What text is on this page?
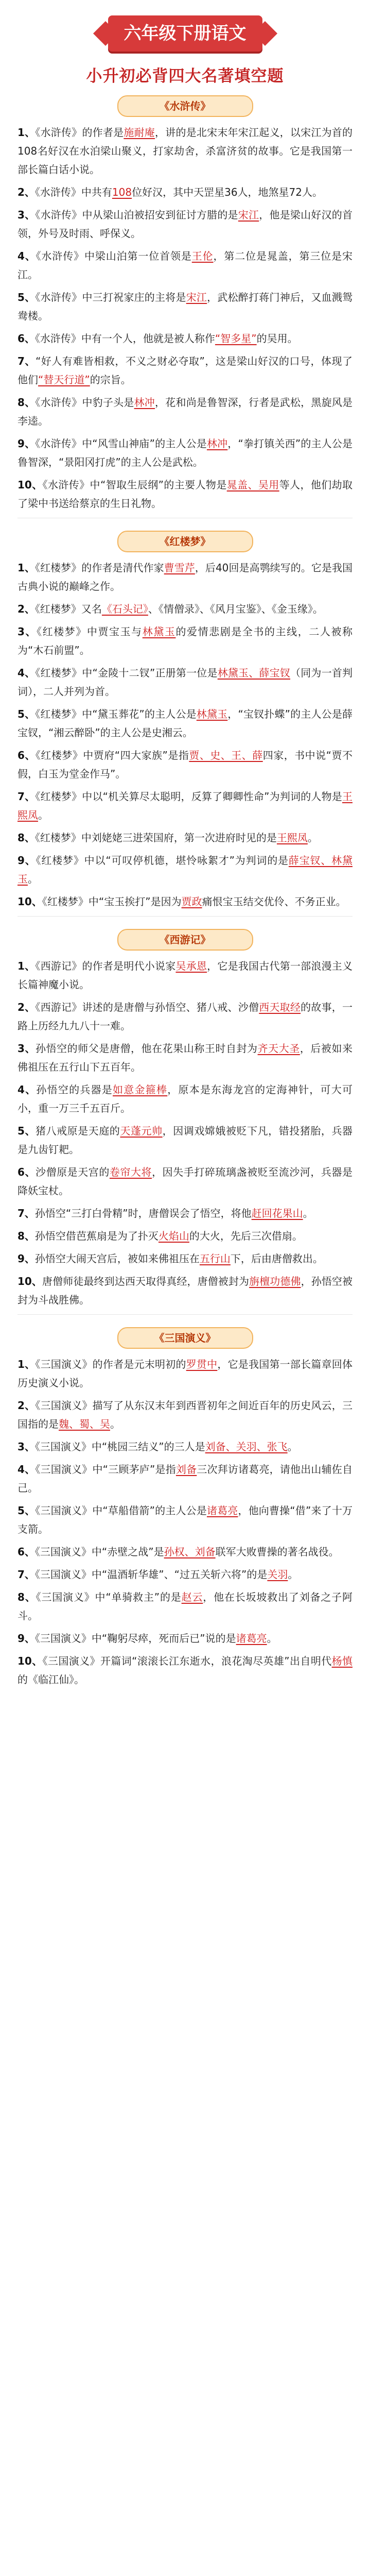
六年级下册语文
小升初必背四大名著填空题
《水浒传》
1、《水浒传》的作者是施耐庵，讲的是北宋末年宋江起义，以宋江为首的108名好汉在水泊梁山聚义，打家劫舍，杀富济贫的故事。它是我国第一部长篇白话小说。
2、《水浒传》中共有108位好汉，其中天罡星36人，地煞星72人。
3、《水浒传》中从梁山泊被招安到征讨方腊的是宋江，他是梁山好汉的首领，外号及时雨、呼保义。
4、《水浒传》中梁山泊第一位首领是王伦，第二位是晁盖，第三位是宋江。
5、《水浒传》中三打祝家庄的主将是宋江，武松醉打蒋门神后，又血溅鸳鸯楼。
6、《水浒传》中有一个人，他就是被人称作“智多星”的吴用。
7、“好人有难皆相救，不义之财必夺取”，这是梁山好汉的口号，体现了他们“替天行道”的宗旨。
8、《水浒传》中豹子头是林冲，花和尚是鲁智深，行者是武松，黑旋风是李逵。
9、《水浒传》中“风雪山神庙”的主人公是林冲，“拳打镇关西”的主人公是鲁智深，“景阳冈打虎”的主人公是武松。
10、《水浒传》中“智取生辰纲”的主要人物是晁盖、吴用等人，他们劫取了梁中书送给蔡京的生日礼物。
《红楼梦》
1、《红楼梦》的作者是清代作家曹雪芹，后40回是高鹗续写的。它是我国古典小说的巅峰之作。
2、《红楼梦》又名《石头记》、《情僧录》、《风月宝鉴》、《金玉缘》。
3、《红楼梦》中贾宝玉与林黛玉的爱情悲剧是全书的主线，二人被称为“木石前盟”。
4、《红楼梦》中“金陵十二钗”正册第一位是林黛玉、薛宝钗（同为一首判词），二人并列为首。
5、《红楼梦》中“黛玉葬花”的主人公是林黛玉，“宝钗扑蝶”的主人公是薛宝钗，“湘云醉卧”的主人公是史湘云。
6、《红楼梦》中贾府“四大家族”是指贾、史、王、薛四家，书中说“贾不假，白玉为堂金作马”。
7、《红楼梦》中以“机关算尽太聪明，反算了卿卿性命”为判词的人物是王熙凤。
8、《红楼梦》中刘姥姥三进荣国府，第一次进府时见的是王熙凤。
9、《红楼梦》中以“可叹停机德，堪怜咏絮才”为判词的是薛宝钗、林黛玉。
10、《红楼梦》中“宝玉挨打”是因为贾政痛恨宝玉结交优伶、不务正业。
《西游记》
1、《西游记》的作者是明代小说家吴承恩，它是我国古代第一部浪漫主义长篇神魔小说。
2、《西游记》讲述的是唐僧与孙悟空、猪八戒、沙僧西天取经的故事，一路上历经九九八十一难。
3、孙悟空的师父是唐僧，他在花果山称王时自封为齐天大圣，后被如来佛祖压在五行山下五百年。
4、孙悟空的兵器是如意金箍棒，原本是东海龙宫的定海神针，可大可小，重一万三千五百斤。
5、猪八戒原是天庭的天蓬元帅，因调戏嫦娥被贬下凡，错投猪胎，兵器是九齿钉耙。
6、沙僧原是天宫的卷帘大将，因失手打碎琉璃盏被贬至流沙河，兵器是降妖宝杖。
7、孙悟空“三打白骨精”时，唐僧误会了悟空，将他赶回花果山。
8、孙悟空借芭蕉扇是为了扑灭火焰山的大火，先后三次借扇。
9、孙悟空大闹天宫后，被如来佛祖压在五行山下，后由唐僧救出。
10、唐僧师徒最终到达西天取得真经，唐僧被封为旃檀功德佛，孙悟空被封为斗战胜佛。
《三国演义》
1、《三国演义》的作者是元末明初的罗贯中，它是我国第一部长篇章回体历史演义小说。
2、《三国演义》描写了从东汉末年到西晋初年之间近百年的历史风云，三国指的是魏、蜀、吴。
3、《三国演义》中“桃园三结义”的三人是刘备、关羽、张飞。
4、《三国演义》中“三顾茅庐”是指刘备三次拜访诸葛亮，请他出山辅佐自己。
5、《三国演义》中“草船借箭”的主人公是诸葛亮，他向曹操“借”来了十万支箭。
6、《三国演义》中“赤壁之战”是孙权、刘备联军大败曹操的著名战役。
7、《三国演义》中“温酒斩华雄”、“过五关斩六将”的是关羽。
8、《三国演义》中“单骑救主”的是赵云，他在长坂坡救出了刘备之子阿斗。
9、《三国演义》中“鞠躬尽瘁，死而后已”说的是诸葛亮。
10、《三国演义》开篇词“滚滚长江东逝水，浪花淘尽英雄”出自明代杨慎的《临江仙》。
